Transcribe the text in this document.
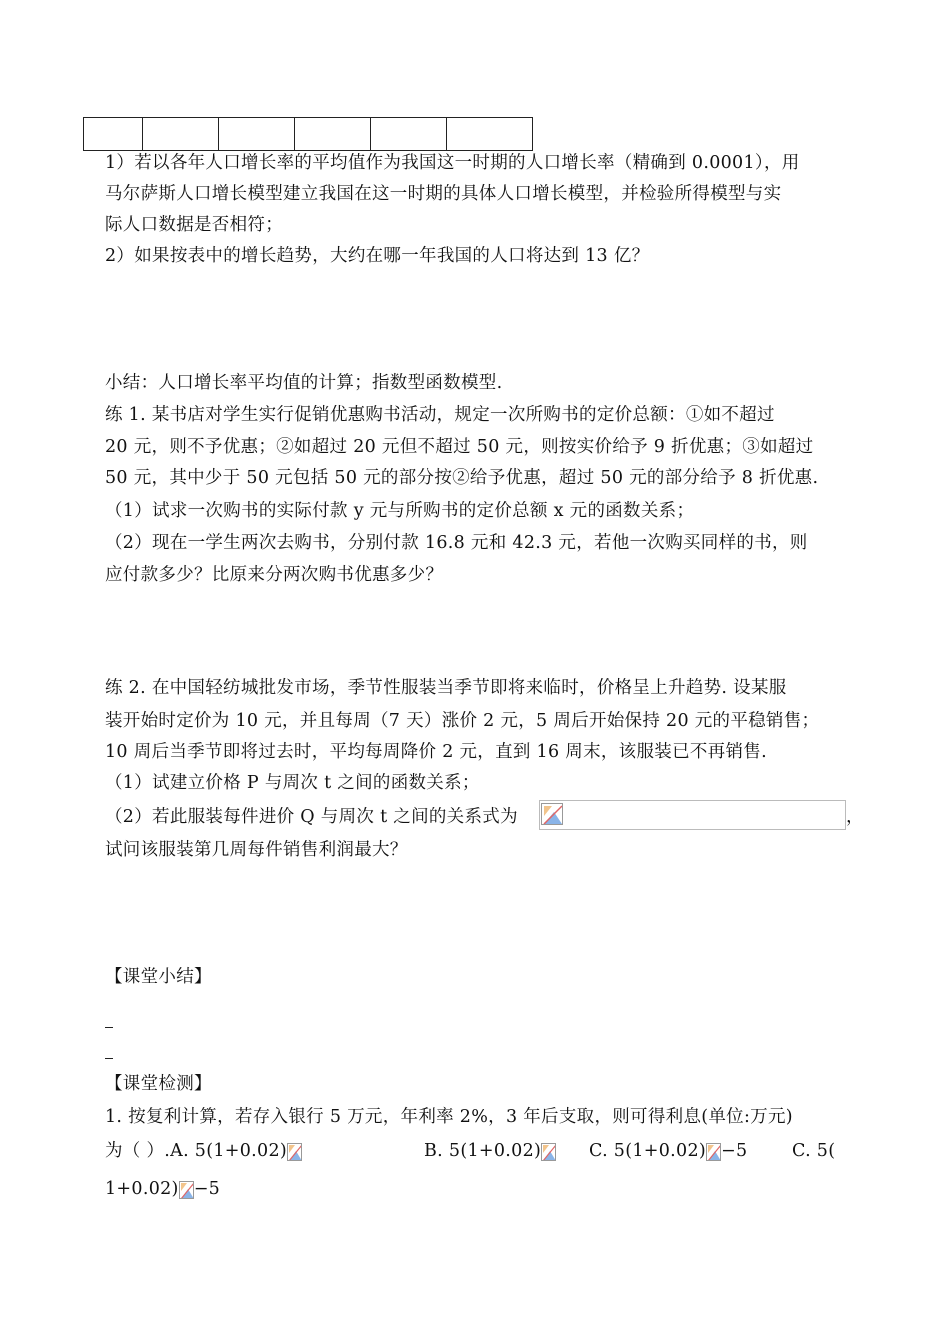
1）若以各年人口增长率的平均值作为我国这一时期的人口增长率（精确到 0.0001），用
马尔萨斯人口增长模型建立我国在这一时期的具体人口增长模型，并检验所得模型与实
际人口数据是否相符；
2）如果按表中的增长趋势，大约在哪一年我国的人口将达到 13 亿？
小结：人口增长率平均值的计算；指数型函数模型.
练 1. 某书店对学生实行促销优惠购书活动，规定一次所购书的定价总额：①如不超过
20 元，则不予优惠；②如超过 20 元但不超过 50 元，则按实价给予 9 折优惠；③如超过
50 元，其中少于 50 元包括 50 元的部分按②给予优惠，超过 50 元的部分给予 8 折优惠.
（1）试求一次购书的实际付款 y 元与所购书的定价总额 x 元的函数关系；
（2）现在一学生两次去购书，分别付款 16.8 元和 42.3 元，若他一次购买同样的书，则
应付款多少？比原来分两次购书优惠多少？
练 2. 在中国轻纺城批发市场，季节性服装当季节即将来临时，价格呈上升趋势. 设某服
装开始时定价为 10 元，并且每周（7 天）涨价 2 元，5 周后开始保持 20 元的平稳销售；
10 周后当季节即将过去时，平均每周降价 2 元，直到 16 周末，该服装已不再销售.
（1）试建立价格 P 与周次 t 之间的函数关系；
（2）若此服装每件进价 Q 与周次 t 之间的关系式为	，
试问该服装第几周每件销售利润最大？
【课堂小结】
【课堂检测】
1. 按复利计算，若存入银行 5 万元，年利率 2%，3 年后支取，则可得利息(单位:万元)
为（ ）.A. 5(1+0.02)	B. 5(1+0.02)	C. 5(1+0.02) −5	C. 5(
1+0.02) −5
